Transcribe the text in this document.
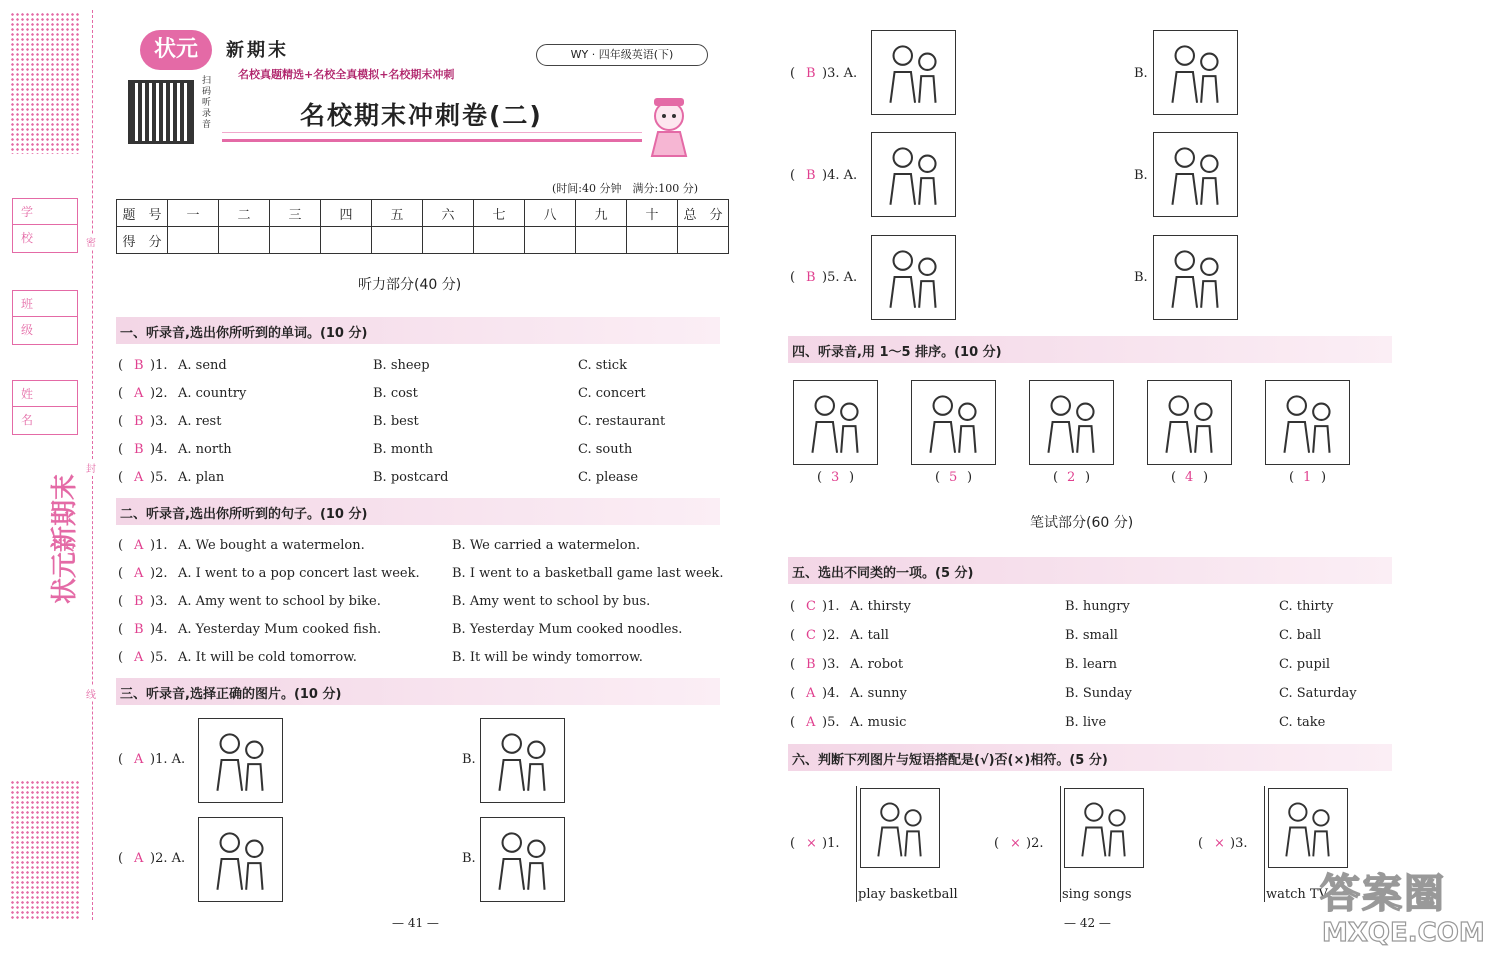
学 校
班 级
姓 名
密
封
线
状元新期末
状元	新期末
名校真题精选+名校全真模拟+名校期末冲刺
WY · 四年级英语(下)
扫码听录音	名校期末冲刺卷(二)
(时间:40 分钟　满分:100 分)
题　号	一	二	三	四	五	六	七	八	九	十	总　分
得　分											
听力部分(40 分)
一、听录音,选出你所听到的单词。(10 分)
( B )1. A. send	B. sheep	C. stick
( A )2. A. country	B. cost	C. concert
( B )3. A. rest	B. best	C. restaurant
( B )4. A. north	B. month	C. south
( A )5. A. plan	B. postcard	C. please
二、听录音,选出你所听到的句子。(10 分)
( A )1. A. We bought a watermelon.	B. We carried a watermelon.
( A )2. A. I went to a pop concert last week. B. I went to a basketball game last week.
( B )3. A. Amy went to school by bike.	B. Amy went to school by bus.
( B )4. A. Yesterday Mum cooked fish.	B. Yesterday Mum cooked noodles.
( A )5. A. It will be cold tomorrow.	B. It will be windy tomorrow.
三、听录音,选择正确的图片。(10 分)
( A )1. A.	B.
( A )2. A.	B.
( B )3. A.	B.
( B )4. A.	B.
( B )5. A.	B.
四、听录音,用 1～5 排序。(10 分)
( 3 )	( 5 )	( 2 )	( 4 )	( 1 )
笔试部分(60 分)
五、选出不同类的一项。(5 分)
( C )1. A. thirsty	B. hungry	C. thirty
( C )2. A. tall	B. small	C. ball
( B )3. A. robot	B. learn	C. pupil
( A )4. A. sunny	B. Sunday	C. Saturday
( A )5. A. music	B. live	C. take
六、判断下列图片与短语搭配是(√)否(×)相符。(5 分)
( × )1.
play basketball
( × )2.
sing songs
( × )3.
watch TV
— 41 —	— 42 —
答案圈
MXQE.COM
